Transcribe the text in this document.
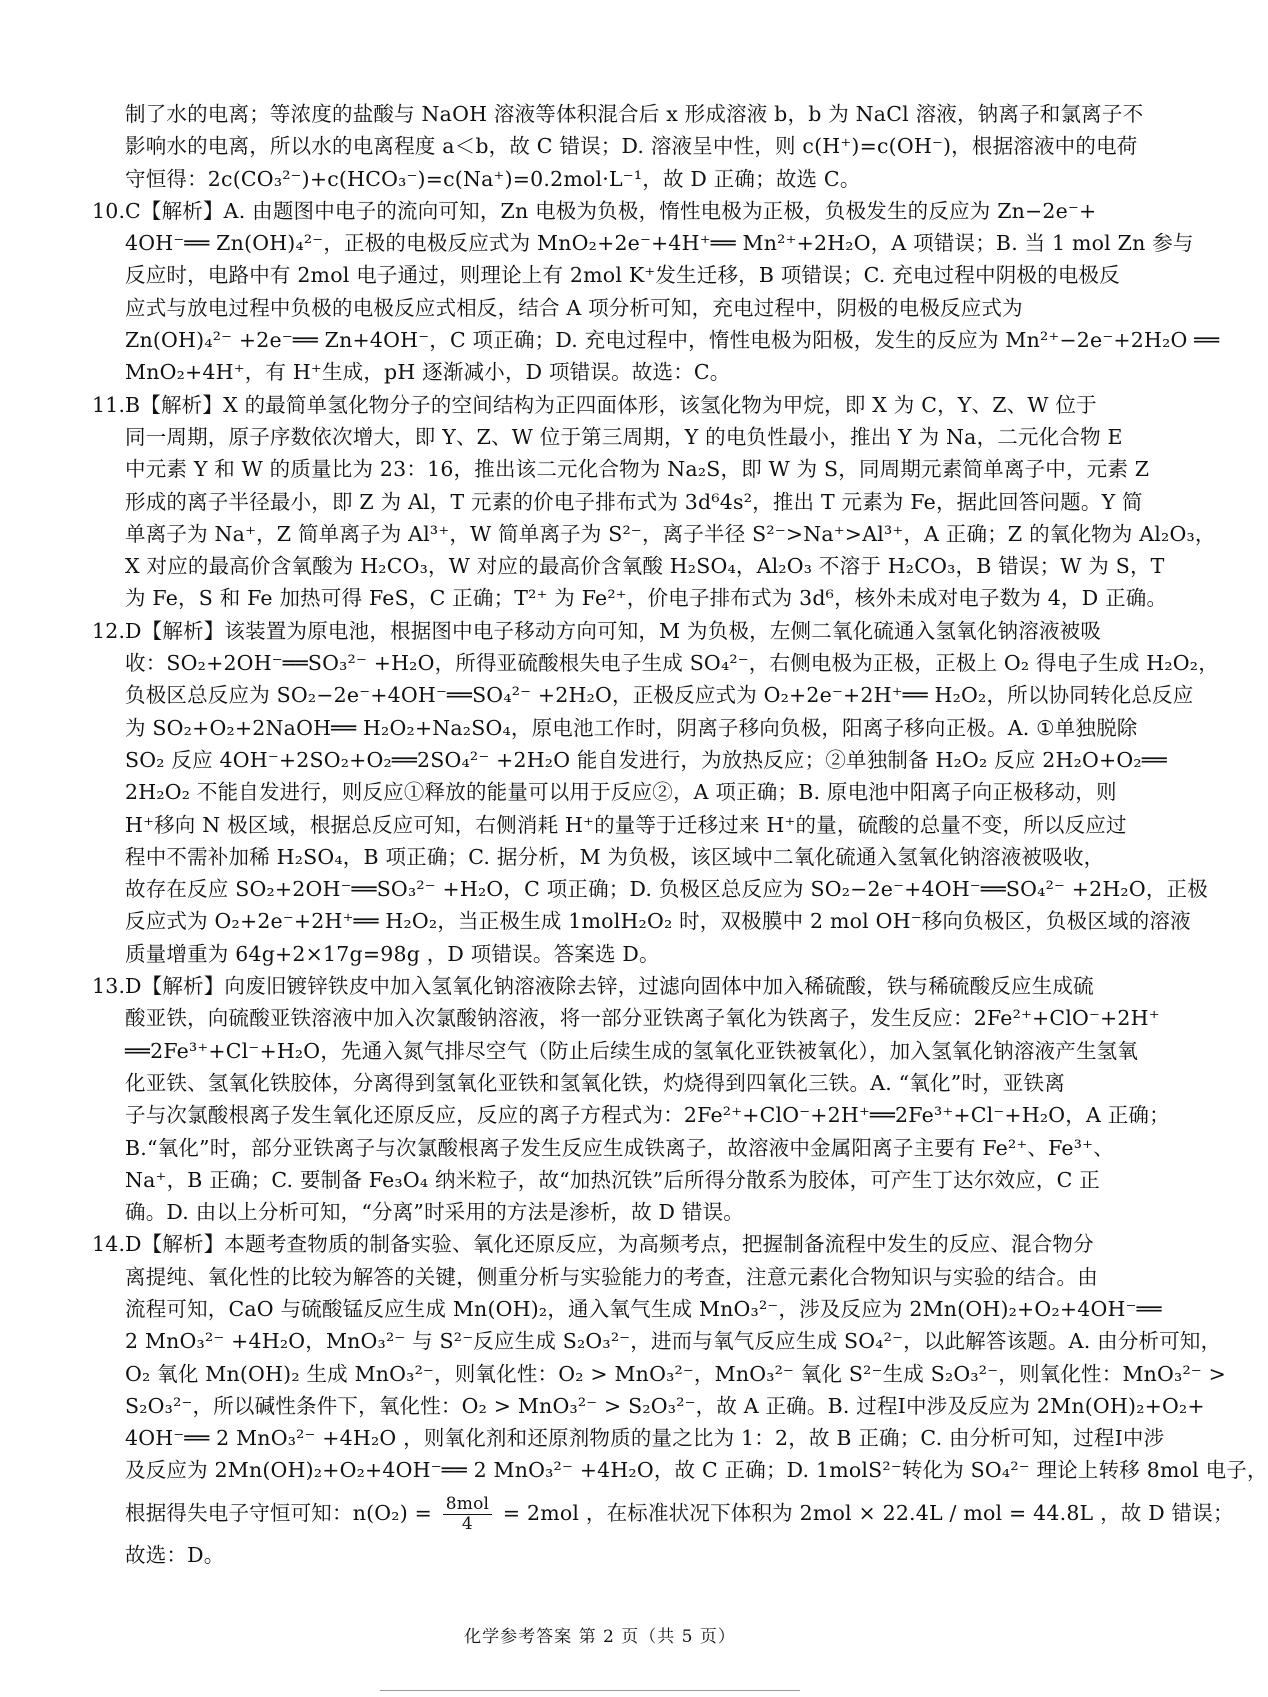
制了水的电离；等浓度的盐酸与 NaOH 溶液等体积混合后 x 形成溶液 b，b 为 NaCl 溶液，钠离子和氯离子不
影响水的电离，所以水的电离程度 a＜b，故 C 错误；D. 溶液呈中性，则 c(H⁺)=c(OH⁻)，根据溶液中的电荷
守恒得：2c(CO₃²⁻)+c(HCO₃⁻)=c(Na⁺)=0.2mol·L⁻¹，故 D 正确；故选 C。
10.C【解析】A. 由题图中电子的流向可知，Zn 电极为负极，惰性电极为正极，负极发生的反应为 Zn−2e⁻+
4OH⁻══ Zn(OH)₄²⁻，正极的电极反应式为 MnO₂+2e⁻+4H⁺══ Mn²⁺+2H₂O，A 项错误；B. 当 1 mol Zn 参与
反应时，电路中有 2mol 电子通过，则理论上有 2mol K⁺发生迁移，B 项错误；C. 充电过程中阴极的电极反
应式与放电过程中负极的电极反应式相反，结合 A 项分析可知，充电过程中，阴极的电极反应式为
Zn(OH)₄²⁻ +2e⁻══ Zn+4OH⁻，C 项正确；D. 充电过程中，惰性电极为阳极，发生的反应为 Mn²⁺−2e⁻+2H₂O ══
MnO₂+4H⁺，有 H⁺生成，pH 逐渐减小，D 项错误。故选：C。
11.B【解析】X 的最简单氢化物分子的空间结构为正四面体形，该氢化物为甲烷，即 X 为 C，Y、Z、W 位于
同一周期，原子序数依次增大，即 Y、Z、W 位于第三周期，Y 的电负性最小，推出 Y 为 Na，二元化合物 E
中元素 Y 和 W 的质量比为 23：16，推出该二元化合物为 Na₂S，即 W 为 S，同周期元素简单离子中，元素 Z
形成的离子半径最小，即 Z 为 Al，T 元素的价电子排布式为 3d⁶4s²，推出 T 元素为 Fe，据此回答问题。Y 简
单离子为 Na⁺，Z 简单离子为 Al³⁺，W 简单离子为 S²⁻，离子半径 S²⁻>Na⁺>Al³⁺，A 正确；Z 的氧化物为 Al₂O₃，
X 对应的最高价含氧酸为 H₂CO₃，W 对应的最高价含氧酸 H₂SO₄，Al₂O₃ 不溶于 H₂CO₃，B 错误；W 为 S，T
为 Fe，S 和 Fe 加热可得 FeS，C 正确；T²⁺ 为 Fe²⁺，价电子排布式为 3d⁶，核外未成对电子数为 4，D 正确。
12.D【解析】该装置为原电池，根据图中电子移动方向可知，M 为负极，左侧二氧化硫通入氢氧化钠溶液被吸
收：SO₂+2OH⁻══SO₃²⁻ +H₂O，所得亚硫酸根失电子生成 SO₄²⁻，右侧电极为正极，正极上 O₂ 得电子生成 H₂O₂，
负极区总反应为 SO₂−2e⁻+4OH⁻══SO₄²⁻ +2H₂O，正极反应式为 O₂+2e⁻+2H⁺══ H₂O₂，所以协同转化总反应
为 SO₂+O₂+2NaOH══ H₂O₂+Na₂SO₄，原电池工作时，阴离子移向负极，阳离子移向正极。A. ①单独脱除
SO₂ 反应 4OH⁻+2SO₂+O₂══2SO₄²⁻ +2H₂O 能自发进行，为放热反应；②单独制备 H₂O₂ 反应 2H₂O+O₂══
2H₂O₂ 不能自发进行，则反应①释放的能量可以用于反应②，A 项正确；B. 原电池中阳离子向正极移动，则
H⁺移向 N 极区域，根据总反应可知，右侧消耗 H⁺的量等于迁移过来 H⁺的量，硫酸的总量不变，所以反应过
程中不需补加稀 H₂SO₄，B 项正确；C. 据分析，M 为负极，该区域中二氧化硫通入氢氧化钠溶液被吸收，
故存在反应 SO₂+2OH⁻══SO₃²⁻ +H₂O，C 项正确；D. 负极区总反应为 SO₂−2e⁻+4OH⁻══SO₄²⁻ +2H₂O，正极
反应式为 O₂+2e⁻+2H⁺══ H₂O₂，当正极生成 1molH₂O₂ 时，双极膜中 2 mol OH⁻移向负极区，负极区域的溶液
质量增重为 64g+2×17g=98g ，D 项错误。答案选 D。
13.D【解析】向废旧镀锌铁皮中加入氢氧化钠溶液除去锌，过滤向固体中加入稀硫酸，铁与稀硫酸反应生成硫
酸亚铁，向硫酸亚铁溶液中加入次氯酸钠溶液，将一部分亚铁离子氧化为铁离子，发生反应：2Fe²⁺+ClO⁻+2H⁺
══2Fe³⁺+Cl⁻+H₂O，先通入氮气排尽空气（防止后续生成的氢氧化亚铁被氧化），加入氢氧化钠溶液产生氢氧
化亚铁、氢氧化铁胶体，分离得到氢氧化亚铁和氢氧化铁，灼烧得到四氧化三铁。A. “氧化”时，亚铁离
子与次氯酸根离子发生氧化还原反应，反应的离子方程式为：2Fe²⁺+ClO⁻+2H⁺══2Fe³⁺+Cl⁻+H₂O，A 正确；
B.“氧化”时，部分亚铁离子与次氯酸根离子发生反应生成铁离子，故溶液中金属阳离子主要有 Fe²⁺、Fe³⁺、
Na⁺，B 正确；C. 要制备 Fe₃O₄ 纳米粒子，故“加热沉铁”后所得分散系为胶体，可产生丁达尔效应，C 正
确。D. 由以上分析可知，“分离”时采用的方法是渗析，故 D 错误。
14.D【解析】本题考查物质的制备实验、氧化还原反应，为高频考点，把握制备流程中发生的反应、混合物分
离提纯、氧化性的比较为解答的关键，侧重分析与实验能力的考查，注意元素化合物知识与实验的结合。由
流程可知，CaO 与硫酸锰反应生成 Mn(OH)₂，通入氧气生成 MnO₃²⁻，涉及反应为 2Mn(OH)₂+O₂+4OH⁻══
2 MnO₃²⁻ +4H₂O，MnO₃²⁻ 与 S²⁻反应生成 S₂O₃²⁻，进而与氧气反应生成 SO₄²⁻，以此解答该题。A. 由分析可知，
O₂ 氧化 Mn(OH)₂ 生成 MnO₃²⁻，则氧化性：O₂ > MnO₃²⁻，MnO₃²⁻ 氧化 S²⁻生成 S₂O₃²⁻，则氧化性：MnO₃²⁻ >
S₂O₃²⁻，所以碱性条件下，氧化性：O₂ > MnO₃²⁻ > S₂O₃²⁻，故 A 正确。B. 过程Ⅰ中涉及反应为 2Mn(OH)₂+O₂+
4OH⁻══ 2 MnO₃²⁻ +4H₂O ，则氧化剂和还原剂物质的量之比为 1：2，故 B 正确；C. 由分析可知，过程Ⅰ中涉
及反应为 2Mn(OH)₂+O₂+4OH⁻══ 2 MnO₃²⁻ +4H₂O，故 C 正确；D. 1molS²⁻转化为 SO₄²⁻ 理论上转移 8mol 电子，
根据得失电子守恒可知：$n(O_2) = \frac{\text{8mol}}{4} = 2mol$ ，在标准状况下体积为 2mol × 22.4L / mol = 44.8L ，故 D 错误；
故选：D。
化学参考答案 第 2 页（共 5 页）
